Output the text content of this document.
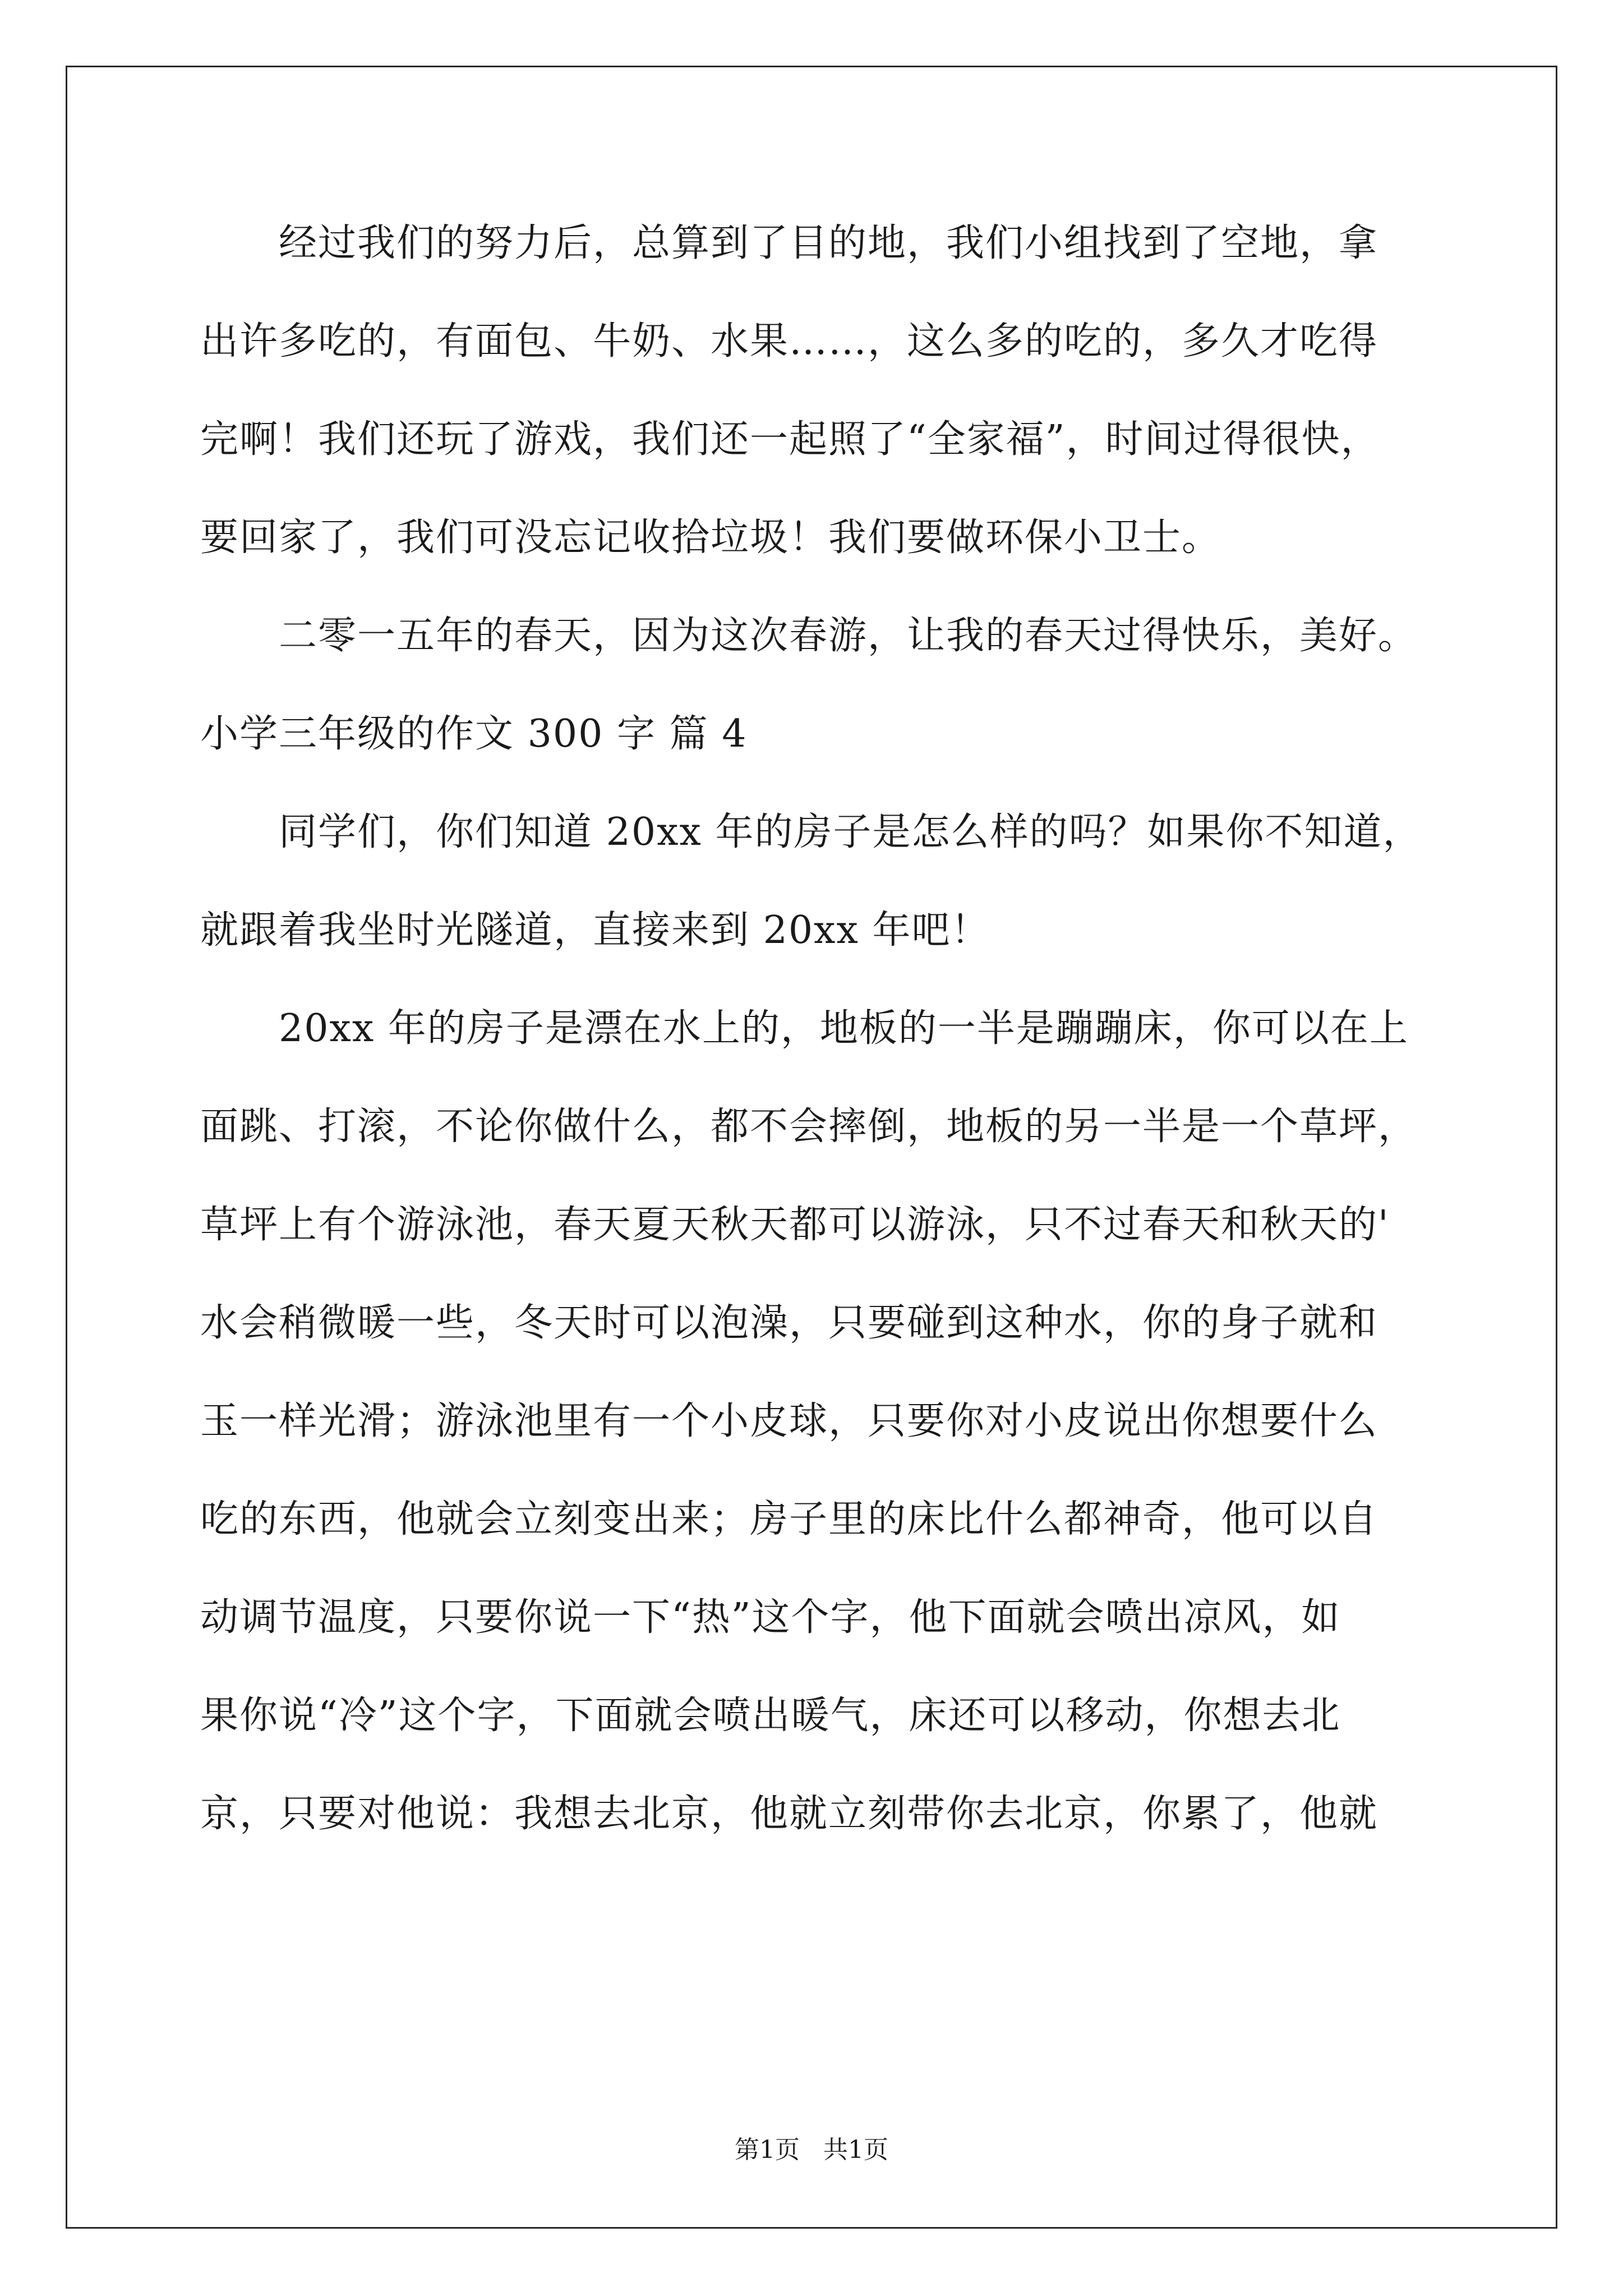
　　经过我们的努力后，总算到了目的地，我们小组找到了空地，拿
出许多吃的，有面包、牛奶、水果……，这么多的吃的，多久才吃得
完啊！我们还玩了游戏，我们还一起照了“全家福”，时间过得很快，
要回家了，我们可没忘记收拾垃圾！我们要做环保小卫士。
　　二零一五年的春天，因为这次春游，让我的春天过得快乐，美好。
小学三年级的作文 300 字 篇 4
　　同学们，你们知道 20xx 年的房子是怎么样的吗？如果你不知道，
就跟着我坐时光隧道，直接来到 20xx 年吧！
　　20xx 年的房子是漂在水上的，地板的一半是蹦蹦床，你可以在上
面跳、打滚，不论你做什么，都不会摔倒，地板的另一半是一个草坪，
草坪上有个游泳池，春天夏天秋天都可以游泳，只不过春天和秋天的'
水会稍微暖一些，冬天时可以泡澡，只要碰到这种水，你的身子就和
玉一样光滑；游泳池里有一个小皮球，只要你对小皮说出你想要什么
吃的东西，他就会立刻变出来；房子里的床比什么都神奇，他可以自
动调节温度，只要你说一下“热”这个字，他下面就会喷出凉风，如
果你说“冷”这个字，下面就会喷出暖气，床还可以移动，你想去北
京，只要对他说：我想去北京，他就立刻带你去北京，你累了，他就
第1页   共1页
